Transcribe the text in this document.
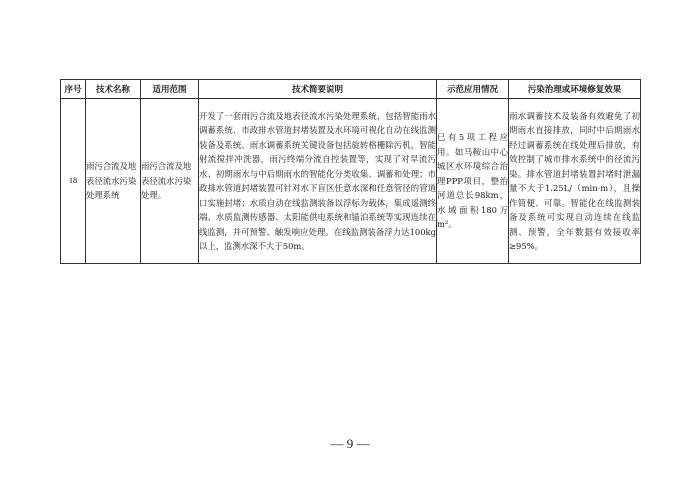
序号	技术名称	适用范围	技术简要说明	示范应用情况	污染治理或环境修复效果
18	雨污合流及地表径流水污染处理系统	雨污合流及地表径流水污染处理。	开发了一套雨污合流及地表径流水污染处理系统，包括智能雨水调蓄系统、市政排水管道封堵装置及水环境可视化自动在线监测装备及系统。雨水调蓄系统关键设备包括旋转格栅除污机，智能射流搅拌冲洗器，雨污终端分流自控装置等，实现了对旱流污水、初期雨水与中后期雨水的智能化分类收集、调蓄和处理；市政排水管道封堵装置可针对水下盲区任意水深和任意管径的管道口实施封堵；水质自动在线监测装备以浮标为载体，集成遥测终端、水质监测传感器、太阳能供电系统和锚泊系统等实现连续在线监测，并可预警、触发响应处理。在线监测装备浮力达100kg以上，监测水深不大于50m。	已有5项工程应用。如马鞍山中心城区水环境综合治理PPP项目，整治河道总长98km，水域面积180万m²。	雨水调蓄技术及装备有效避免了初期雨水直接排放，同时中后期雨水经过调蓄系统在线处理后排放，有效控制了城市排水系统中的径流污染。排水管道封堵装置封堵时泄漏量不大于1.25L/（min·m），且操作简便、可靠。智能化在线监测装备及系统可实现自动连续在线监测、预警，全年数据有效接收率≥95%。
— 9 —
